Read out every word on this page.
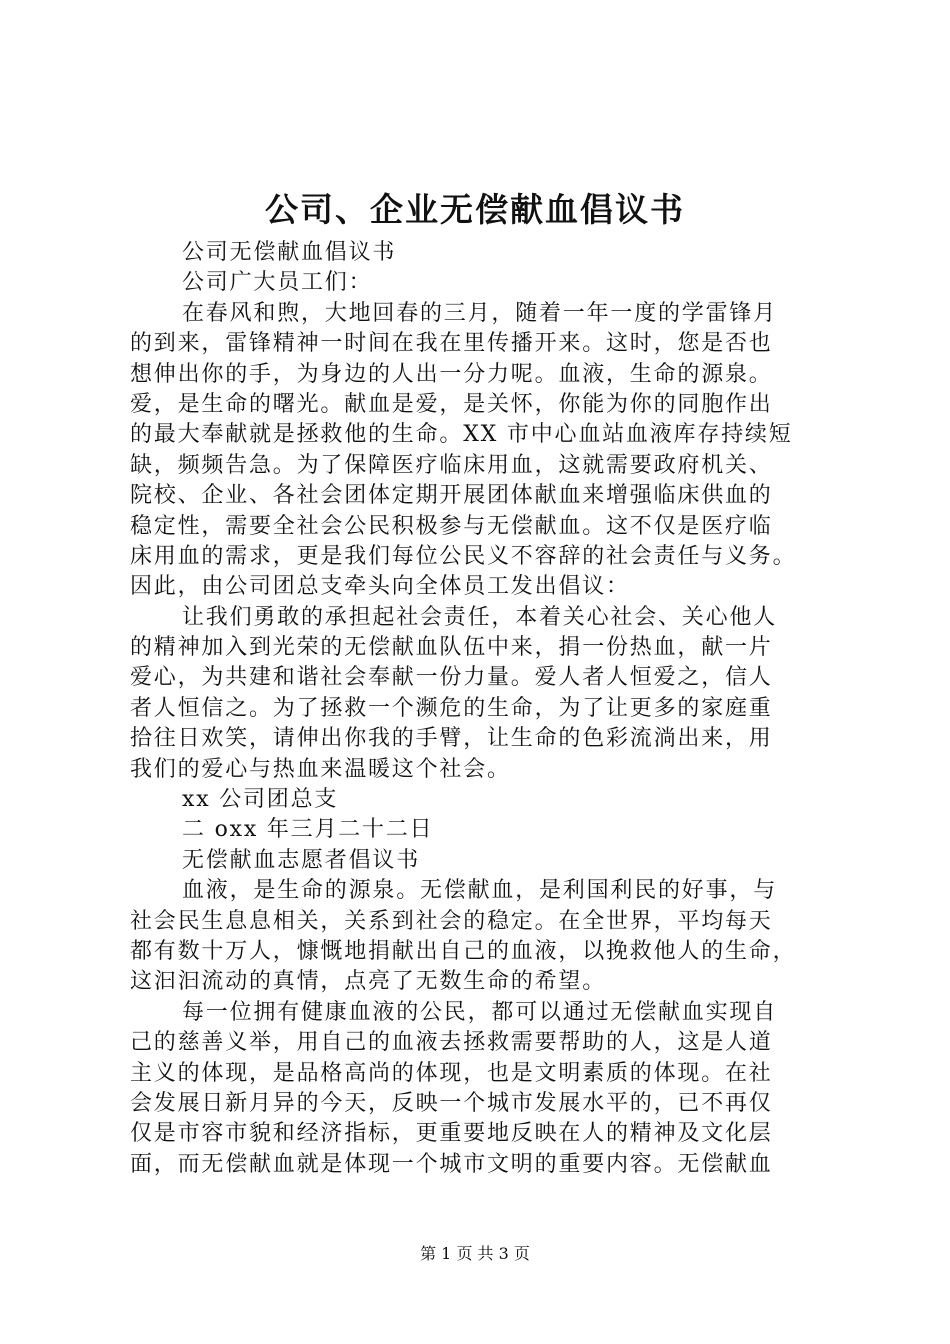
公司、企业无偿献血倡议书
公司无偿献血倡议书
公司广大员工们：
在春风和煦，大地回春的三月，随着一年一度的学雷锋月
的到来，雷锋精神一时间在我在里传播开来。这时，您是否也
想伸出你的手，为身边的人出一分力呢。血液，生命的源泉。
爱，是生命的曙光。献血是爱，是关怀，你能为你的同胞作出
的最大奉献就是拯救他的生命。XX 市中心血站血液库存持续短
缺，频频告急。为了保障医疗临床用血，这就需要政府机关、
院校、企业、各社会团体定期开展团体献血来增强临床供血的
稳定性，需要全社会公民积极参与无偿献血。这不仅是医疗临
床用血的需求，更是我们每位公民义不容辞的社会责任与义务。
因此，由公司团总支牵头向全体员工发出倡议：
让我们勇敢的承担起社会责任，本着关心社会、关心他人
的精神加入到光荣的无偿献血队伍中来，捐一份热血，献一片
爱心，为共建和谐社会奉献一份力量。爱人者人恒爱之，信人
者人恒信之。为了拯救一个濒危的生命，为了让更多的家庭重
拾往日欢笑，请伸出你我的手臂，让生命的色彩流淌出来，用
我们的爱心与热血来温暖这个社会。
xx 公司团总支
二 oxx 年三月二十二日
无偿献血志愿者倡议书
血液，是生命的源泉。无偿献血，是利国利民的好事，与
社会民生息息相关，关系到社会的稳定。在全世界，平均每天
都有数十万人，慷慨地捐献出自己的血液，以挽救他人的生命，
这汩汩流动的真情，点亮了无数生命的希望。
每一位拥有健康血液的公民，都可以通过无偿献血实现自
己的慈善义举，用自己的血液去拯救需要帮助的人，这是人道
主义的体现，是品格高尚的体现，也是文明素质的体现。在社
会发展日新月异的今天，反映一个城市发展水平的，已不再仅
仅是市容市貌和经济指标，更重要地反映在人的精神及文化层
面，而无偿献血就是体现一个城市文明的重要内容。无偿献血
第 1 页 共 3 页
